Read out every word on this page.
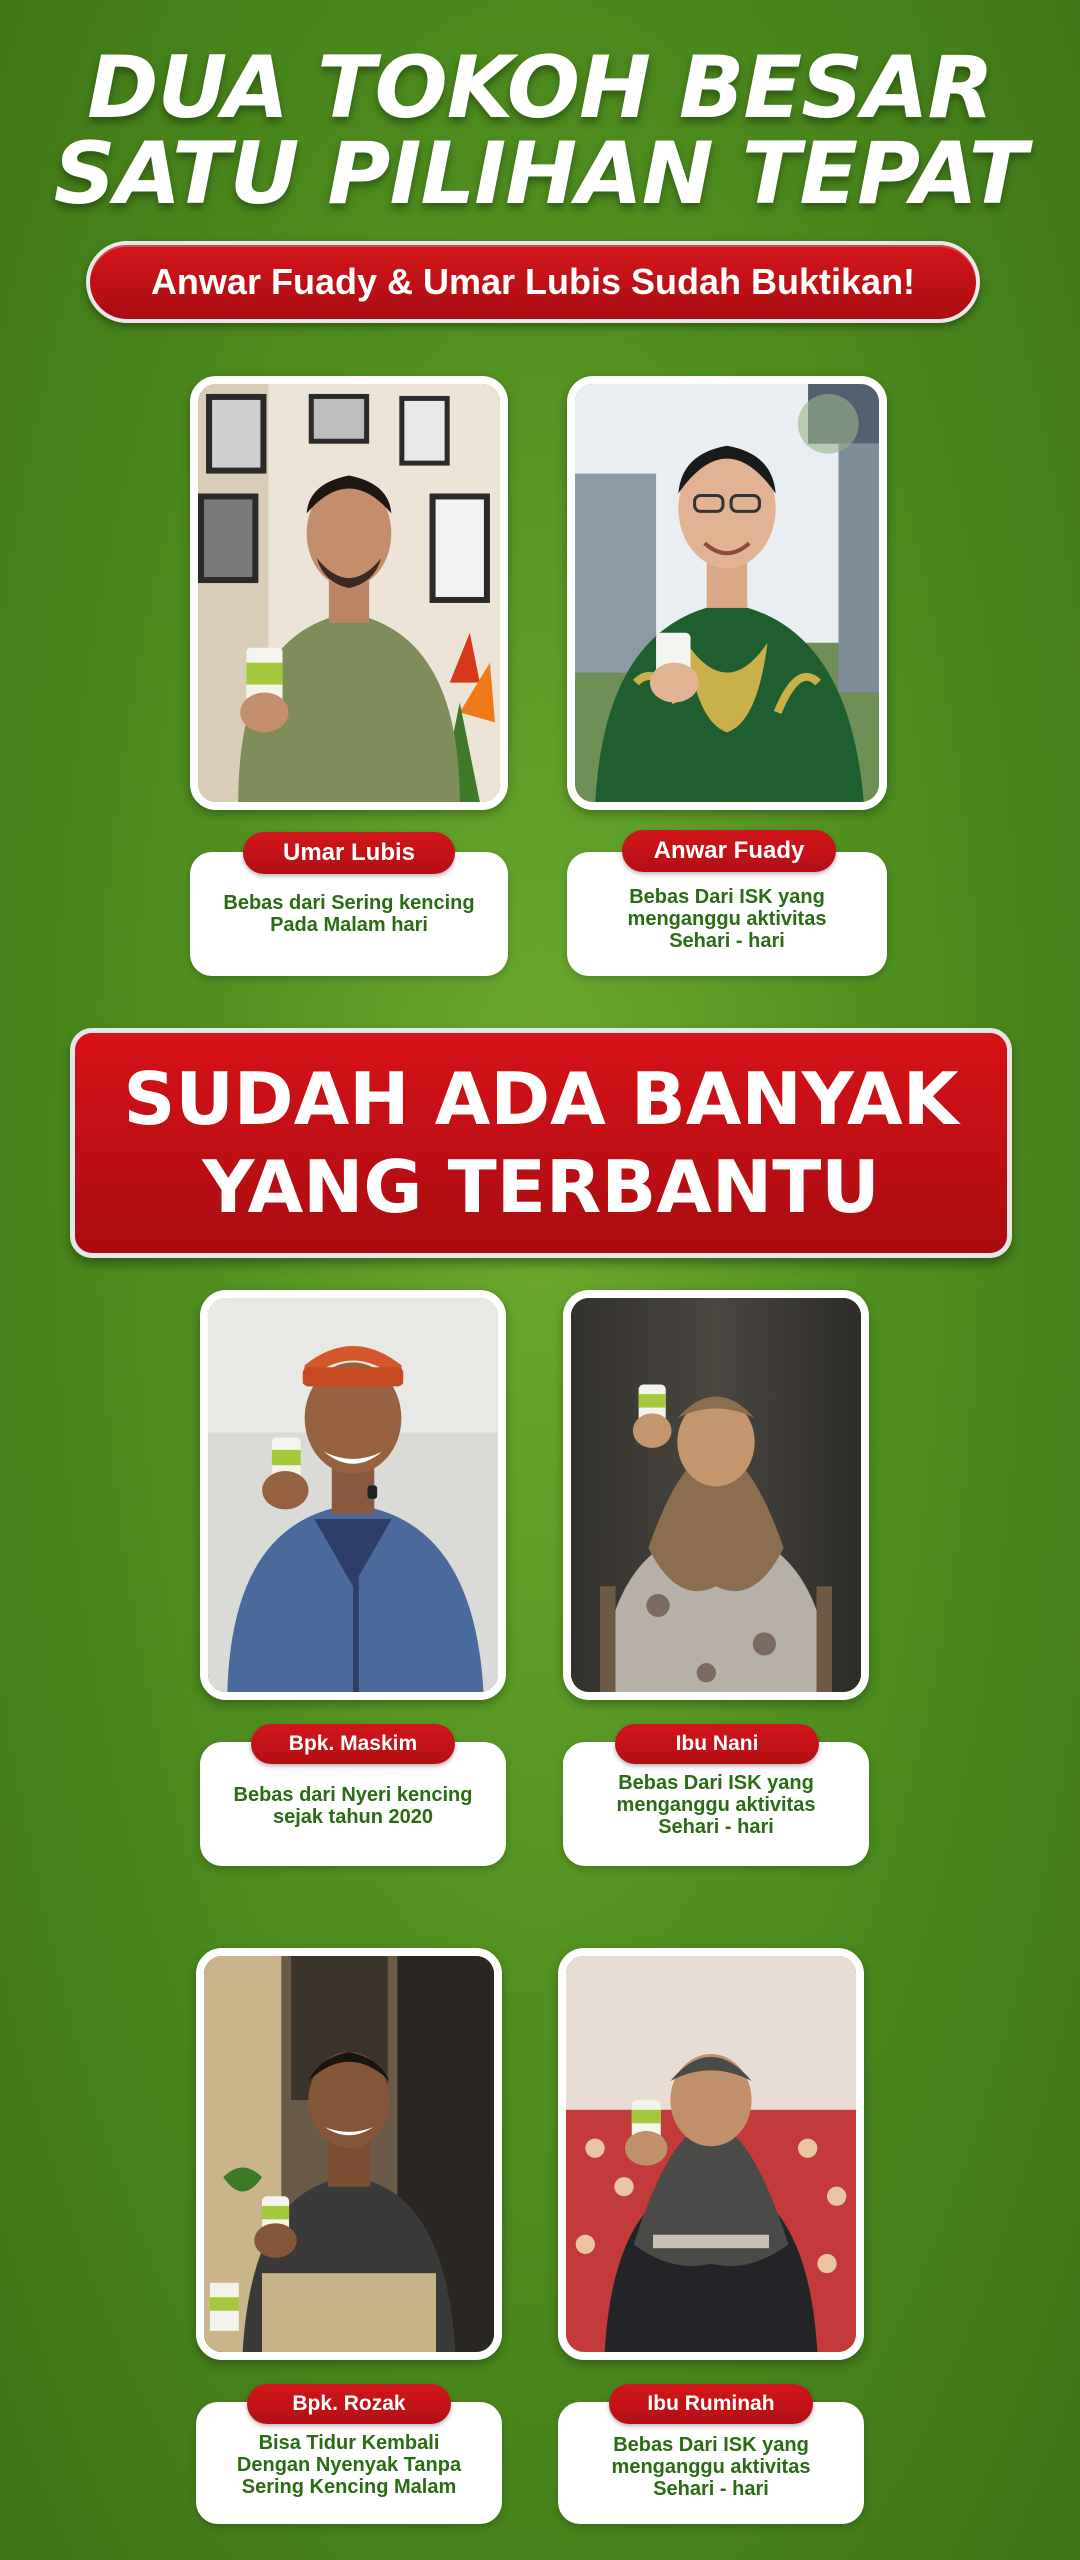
DUA TOKOH BESAR
SATU PILIHAN TEPAT
Anwar Fuady & Umar Lubis Sudah Buktikan!
Bebas dari Sering kencing
Pada Malam hari
Umar Lubis
Bebas Dari ISK yang
menganggu aktivitas
Sehari - hari
Anwar Fuady
SUDAH ADA BANYAK
YANG TERBANTU
Bebas dari Nyeri kencing
sejak tahun 2020
Bpk. Maskim
Bebas Dari ISK yang
menganggu aktivitas
Sehari - hari
Ibu Nani
Bisa Tidur Kembali
Dengan Nyenyak Tanpa
Sering Kencing Malam
Bpk. Rozak
Bebas Dari ISK yang
menganggu aktivitas
Sehari - hari
Ibu Ruminah
